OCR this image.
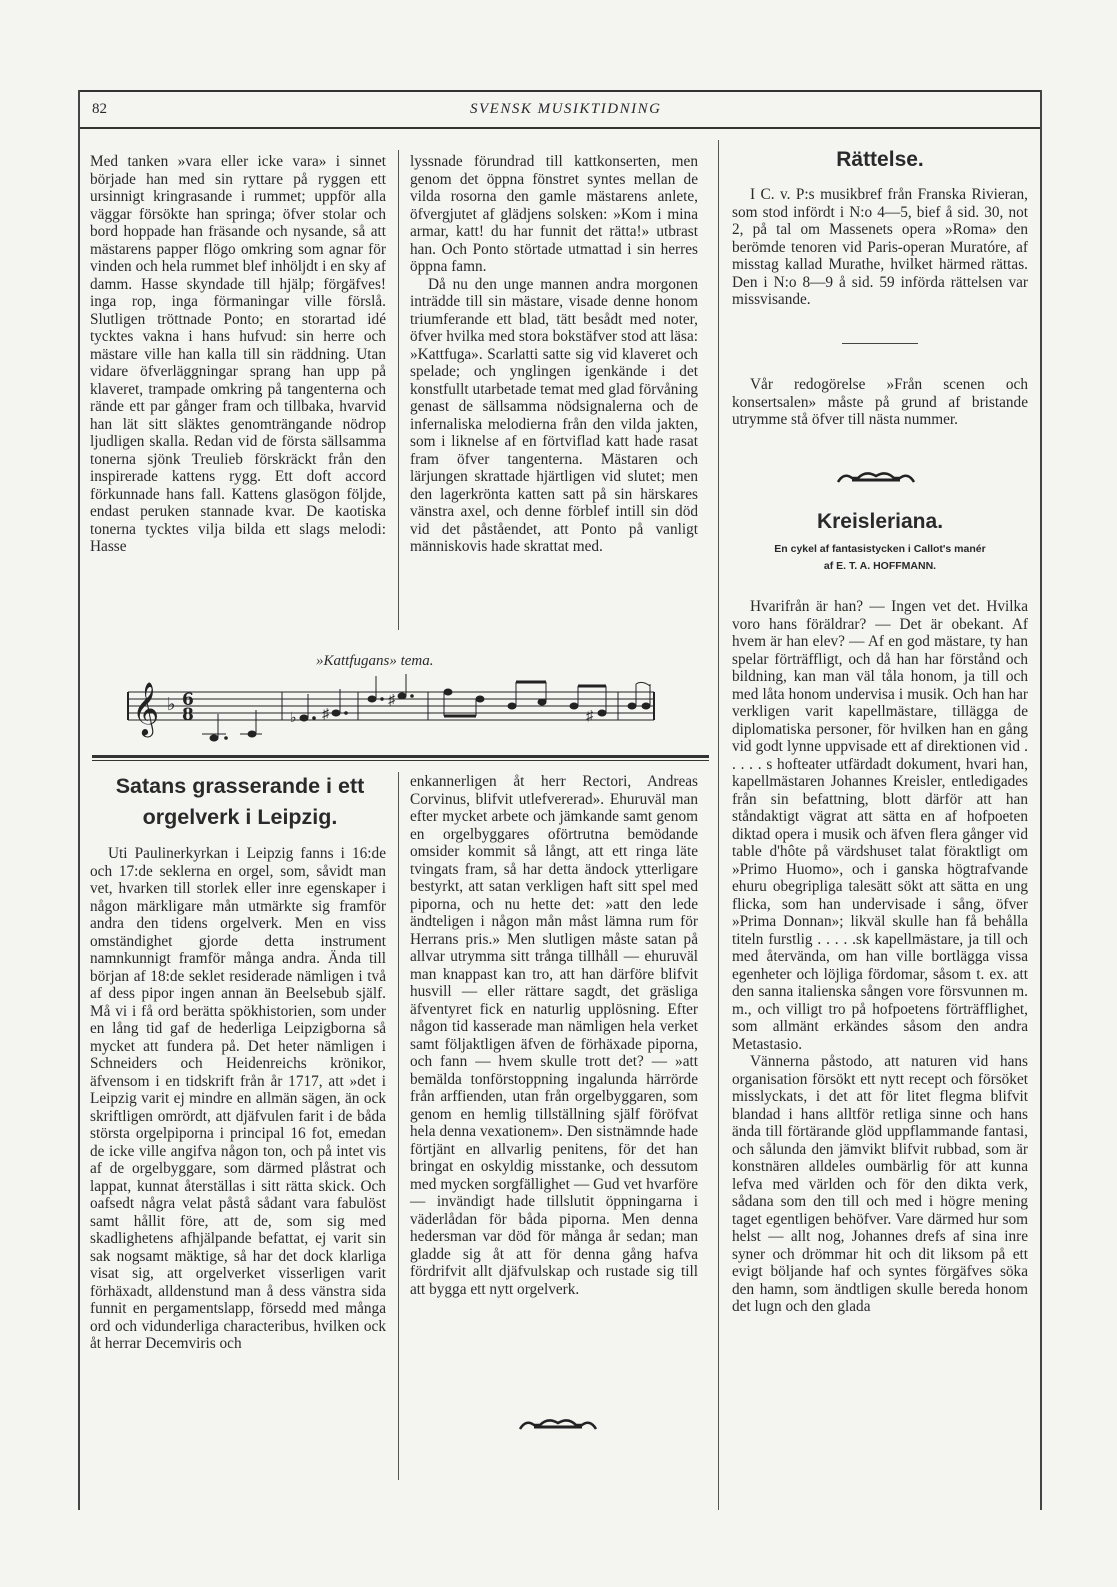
82	SVENSK MUSIKTIDNING

Med tanken »vara eller icke vara» i sinnet började han med sin ryttare på ryggen ett ursinnigt kringrasande i rummet; uppför alla väggar försökte han springa; öfver stolar och bord hoppade han fräsande och nysande, så att mästarens papper flögo omkring som agnar för vinden och hela rummet blef inhöljdt i en sky af damm. Hasse skyndade till hjälp; förgäfves! inga rop, inga förmaningar ville förslå. Slutligen tröttnade Ponto; en storartad idé tycktes vakna i hans hufvud: sin herre och mästare ville han kalla till sin räddning. Utan vidare öfverläggningar sprang han upp på klaveret, trampade omkring på tangenterna och rände ett par gånger fram och tillbaka, hvarvid han lät sitt släktes genomträngande nödrop ljudligen skalla. Redan vid de första sällsamma tonerna sjönk Treulieb förskräckt från den inspirerade kattens rygg. Ett doft accord förkunnade hans fall. Kattens glasögon följde, endast peruken stannade kvar. De kaotiska tonerna tycktes vilja bilda ett slags melodi: Hasse

lyssnade förundrad till kattkonserten, men genom det öppna fönstret syntes mellan de vilda rosorna den gamle mästarens anlete, öfvergjutet af glädjens solsken: »Kom i mina armar, katt! du har funnit det rätta!» utbrast han. Och Ponto störtade utmattad i sin herres öppna famn.

Då nu den unge mannen andra morgonen inträdde till sin mästare, visade denne honom triumferande ett blad, tätt besådt med noter, öfver hvilka med stora bokstäfver stod att läsa: »Kattfuga». Scarlatti satte sig vid klaveret och spelade; och ynglingen igenkände i det konstfullt utarbetade temat med glad förvåning genast de sällsamma nödsignalerna och de infernaliska melodierna från den vilda jakten, som i liknelse af en förtviflad katt hade rasat fram öfver tangenterna. Mästaren och lärjungen skrattade hjärtligen vid slutet; men den lagerkrönta katten satt på sin härskares vänstra axel, och denne förblef intill sin död vid det påståendet, att Ponto på vanligt människovis hade skrattat med.

»Kattfugans» tema.
𝄞 ♭ 6
8	♭ ♯
♯
♯
Satans grasserande i ett
orgelverk i Leipzig.

Uti Paulinerkyrkan i Leipzig fanns i 16:de och 17:de seklerna en orgel, som, såvidt man vet, hvarken till storlek eller inre egenskaper i någon märkligare mån utmärkte sig framför andra den tidens orgelverk. Men en viss omständighet gjorde detta instrument namnkunnigt framför många andra. Ända till början af 18:de seklet residerade nämligen i två af dess pipor ingen annan än Beelsebub själf. Må vi i få ord berätta spökhistorien, som under en lång tid gaf de hederliga Leipzigborna så mycket att fundera på. Det heter nämligen i Schneiders och Heidenreichs krönikor, äfvensom i en tidskrift från år 1717, att »det i Leipzig varit ej mindre en allmän sägen, än ock skriftligen omrördt, att djäfvulen farit i de båda största orgelpiporna i principal 16 fot, emedan de icke ville angifva någon ton, och på intet vis af de orgelbyggare, som därmed plåstrat och lappat, kunnat återställas i sitt rätta skick. Och oafsedt några velat påstå sådant vara fabulöst samt hållit före, att de, som sig med skadlighetens afhjälpande befattat, ej varit sin sak nogsamt mäktige, så har det dock klarliga visat sig, att orgelverket visserligen varit förhäxadt, alldenstund man å dess vänstra sida funnit en pergamentslapp, försedd med många ord och vidunderliga characteribus, hvilken ock åt herrar Decemviris och

enkannerligen åt herr Rectori, Andreas Corvinus, blifvit utlefvererad». Ehuruväl man efter mycket arbete och jämkande samt genom en orgelbyggares oförtrutna bemödande omsider kommit så långt, att ett ringa läte tvingats fram, så har detta ändock ytterligare bestyrkt, att satan verkligen haft sitt spel med piporna, och nu hette det: »att den lede ändteligen i någon mån måst lämna rum för Herrans pris.» Men slutligen måste satan på allvar utrymma sitt trånga tillhåll — ehuruväl man knappast kan tro, att han därföre blifvit husvill — eller rättare sagdt, det gräsliga äfventyret fick en naturlig upplösning. Efter någon tid kasserade man nämligen hela verket samt följaktligen äfven de förhäxade piporna, och fann — hvem skulle trott det? — »att bemälda tonförstoppning ingalunda härrörde från arffienden, utan från orgelbyggaren, som genom en hemlig tillställning själf föröfvat hela denna vexationem». Den sistnämnde hade förtjänt en allvarlig penitens, för det han bringat en oskyldig misstanke, och dessutom med mycken sorgfällighet — Gud vet hvarföre — invändigt hade tillslutit öppningarna i väderlådan för båda piporna. Men denna hedersman var död för många år sedan; man gladde sig åt att för denna gång hafva fördrifvit allt djäfvulskap och rustade sig till att bygga ett nytt orgelverk.

Rättelse.

I C. v. P:s musikbref från Franska Rivieran, som stod infördt i N:o 4—5, bief å sid. 30, not 2, på tal om Massenets opera »Roma» den berömde tenoren vid Paris-operan Muratóre, af misstag kallad Murathe, hvilket härmed rättas. Den i N:o 8—9 å sid. 59 införda rättelsen var missvisande.

Vår redogörelse »Från scenen och konsertsalen» måste på grund af bristande utrymme stå öfver till nästa nummer.

Kreisleriana.
En cykel af fantasistycken i Callot's manér
af E. T. A. HOFFMANN.

Hvarifrån är han? — Ingen vet det. Hvilka voro hans föräldrar? — Det är obekant. Af hvem är han elev? — Af en god mästare, ty han spelar förträffligt, och då han har förstånd och bildning, kan man väl tåla honom, ja till och med låta honom undervisa i musik. Och han har verkligen varit kapellmästare, tillägga de diplomatiska personer, för hvilken han en gång vid godt lynne uppvisade ett af direktionen vid . . . . . s hofteater utfärdadt dokument, hvari han, kapellmästaren Johannes Kreisler, entledigades från sin befattning, blott därför att han ståndaktigt vägrat att sätta en af hofpoeten diktad opera i musik och äfven flera gånger vid table d'hôte på värdshuset talat föraktligt om »Primo Huomo», och i ganska högtrafvande ehuru obegripliga talesätt sökt att sätta en ung flicka, som han undervisade i sång, öfver »Prima Donnan»; likväl skulle han få behålla titeln furstlig . . . . .sk kapellmästare, ja till och med återvända, om han ville bortlägga vissa egenheter och löjliga fördomar, såsom t. ex. att den sanna italienska sången vore försvunnen m. m., och villigt tro på hofpoetens förträfflighet, som allmänt erkändes såsom den andra Metastasio.

Vännerna påstodo, att naturen vid hans organisation försökt ett nytt recept och försöket misslyckats, i det att för litet flegma blifvit blandad i hans alltför retliga sinne och hans ända till förtärande glöd uppflammande fantasi, och sålunda den jämvikt blifvit rubbad, som är konstnären alldeles oumbärlig för att kunna lefva med världen och för den dikta verk, sådana som den till och med i högre mening taget egentligen behöfver. Vare därmed hur som helst — allt nog, Johannes drefs af sina inre syner och drömmar hit och dit liksom på ett evigt böljande haf och syntes förgäfves söka den hamn, som ändtligen skulle bereda honom det lugn och den glada
